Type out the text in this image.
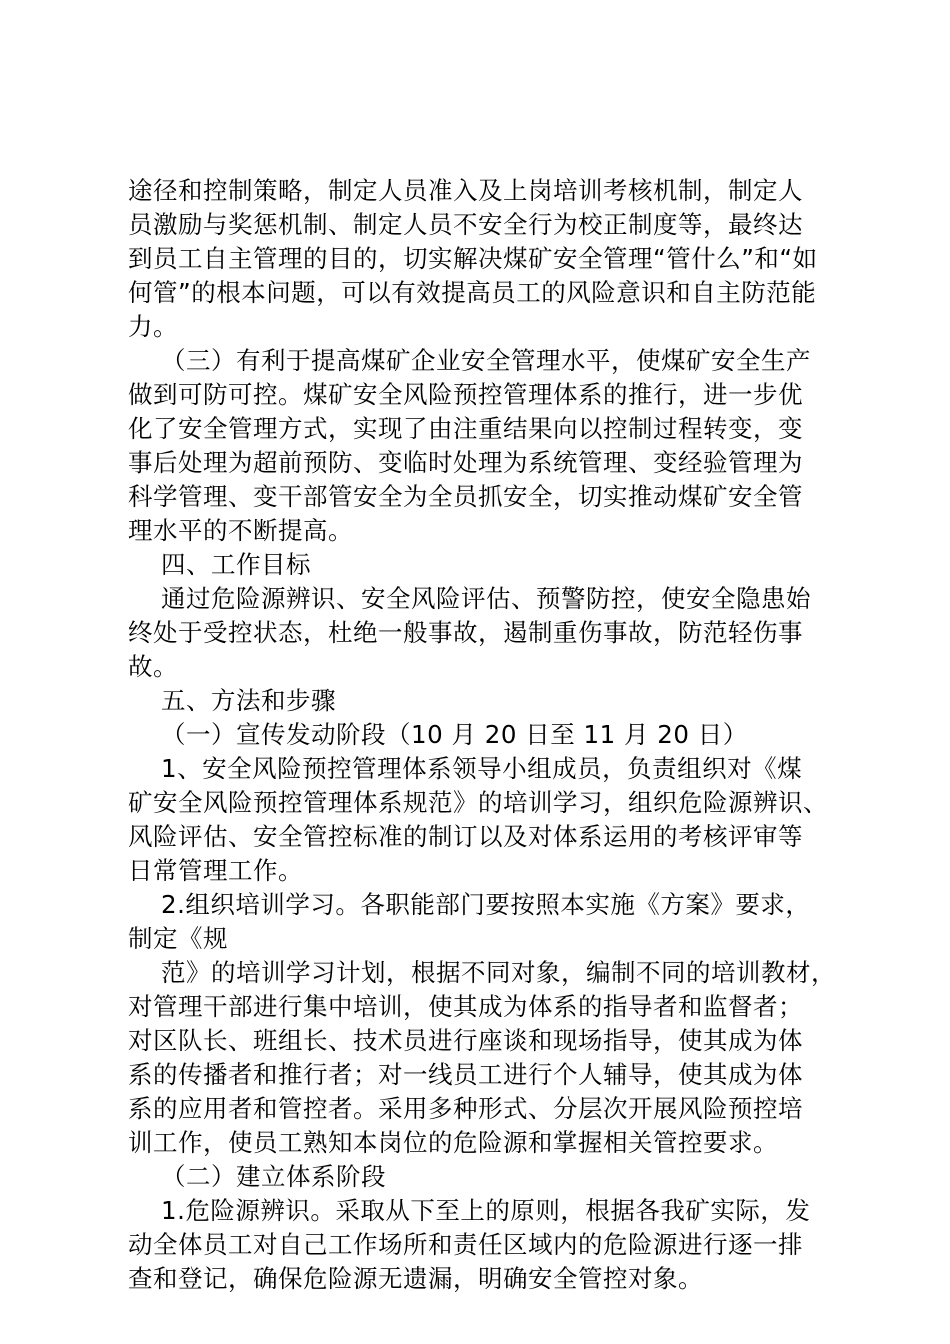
途径和控制策略，制定人员准入及上岗培训考核机制，制定人
员激励与奖惩机制、制定人员不安全行为校正制度等，最终达
到员工自主管理的目的，切实解决煤矿安全管理“管什么”和“如
何管”的根本问题，可以有效提高员工的风险意识和自主防范能
力。
（三）有利于提高煤矿企业安全管理水平，使煤矿安全生产
做到可防可控。煤矿安全风险预控管理体系的推行，进一步优
化了安全管理方式，实现了由注重结果向以控制过程转变，变
事后处理为超前预防、变临时处理为系统管理、变经验管理为
科学管理、变干部管安全为全员抓安全，切实推动煤矿安全管
理水平的不断提高。
四、工作目标
通过危险源辨识、安全风险评估、预警防控，使安全隐患始
终处于受控状态，杜绝一般事故，遏制重伤事故，防范轻伤事
故。
五、方法和步骤
（一）宣传发动阶段（10 月 20 日至 11 月 20 日）
1、安全风险预控管理体系领导小组成员，负责组织对《煤
矿安全风险预控管理体系规范》的培训学习，组织危险源辨识、
风险评估、安全管控标准的制订以及对体系运用的考核评审等
日常管理工作。
2.组织培训学习。各职能部门要按照本实施《方案》要求，
制定《规
范》的培训学习计划，根据不同对象，编制不同的培训教材，
对管理干部进行集中培训，使其成为体系的指导者和监督者；
对区队长、班组长、技术员进行座谈和现场指导，使其成为体
系的传播者和推行者；对一线员工进行个人辅导，使其成为体
系的应用者和管控者。采用多种形式、分层次开展风险预控培
训工作，使员工熟知本岗位的危险源和掌握相关管控要求。
（二）建立体系阶段
1.危险源辨识。采取从下至上的原则，根据各我矿实际，发
动全体员工对自己工作场所和责任区域内的危险源进行逐一排
查和登记，确保危险源无遗漏，明确安全管控对象。
